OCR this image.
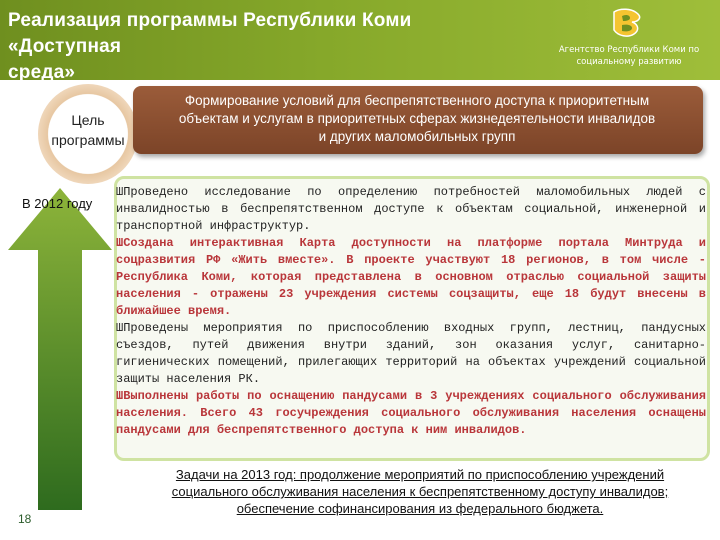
Реализация программы Республики Коми «Доступная
среда»
Агентство Республики Коми по
социальному развитию
Цель
программы
Формирование условий для беспрепятственного доступа к приоритетным
объектам и услугам в приоритетных сферах жизнедеятельности инвалидов
и других маломобильных групп
В 2012 году

ШПроведено исследование по определению потребностей маломобильных людей с инвалидностью в беспрепятственном доступе к объектам социальной, инженерной и транспортной инфраструктур.

ШСоздана интерактивная Карта доступности на платформе портала Минтруда и соцразвития РФ «Жить вместе». В проекте участвуют 18 регионов, в том числе - Республика Коми, которая представлена в основном отраслью социальной защиты населения - отражены 23 учреждения системы соцзащиты, еще 18 будут внесены в ближайшее время.

ШПроведены мероприятия по приспособлению входных групп, лестниц, пандусных съездов, путей движения внутри зданий, зон оказания услуг, санитарно-гигиенических помещений, прилегающих территорий на объектах учреждений социальной защиты населения РК.

ШВыполнены работы по оснащению пандусами в 3 учреждениях социального обслуживания населения. Всего 43 госучреждения социального обслуживания населения оснащены пандусами для беспрепятственного доступа к ним инвалидов.

Задачи на 2013 год: продолжение мероприятий по приспособлению учреждений
социального обслуживания населения к беспрепятственному доступу инвалидов;
обеспечение софинансирования из федерального бюджета.
18
